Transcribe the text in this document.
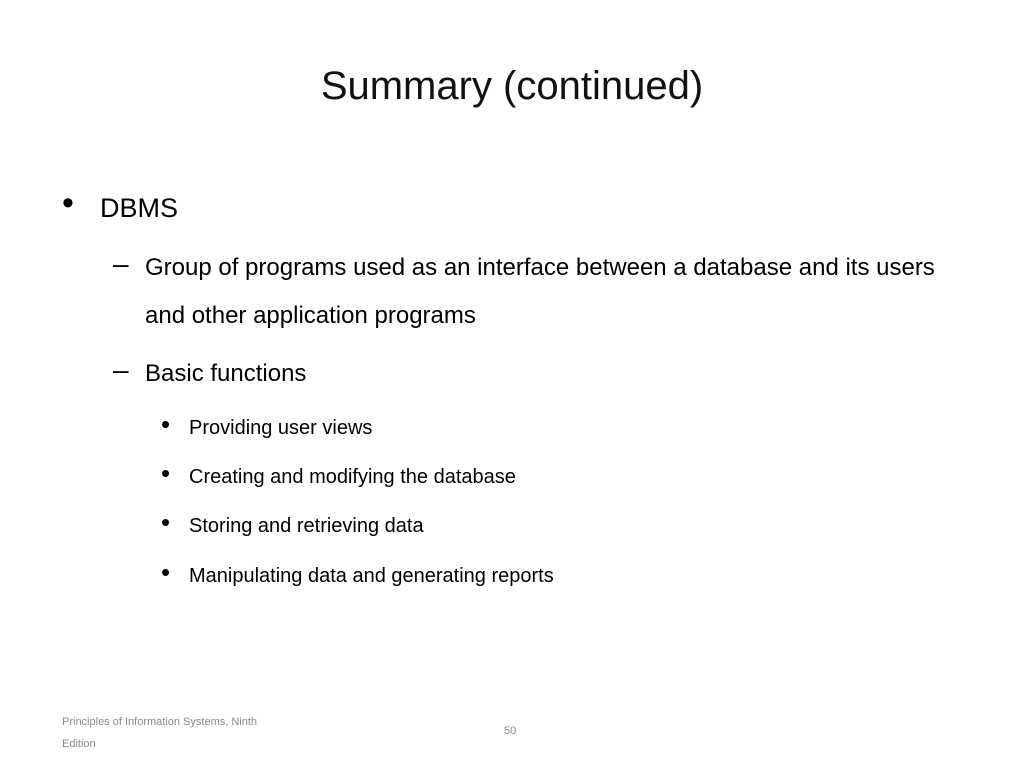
Summary (continued)
• DBMS
– Group of programs used as an interface between a database and its users and other application programs
– Basic functions
• Providing user views
• Creating and modifying the database
• Storing and retrieving data
• Manipulating data and generating reports
Principles of Information Systems, Ninth Edition
50
